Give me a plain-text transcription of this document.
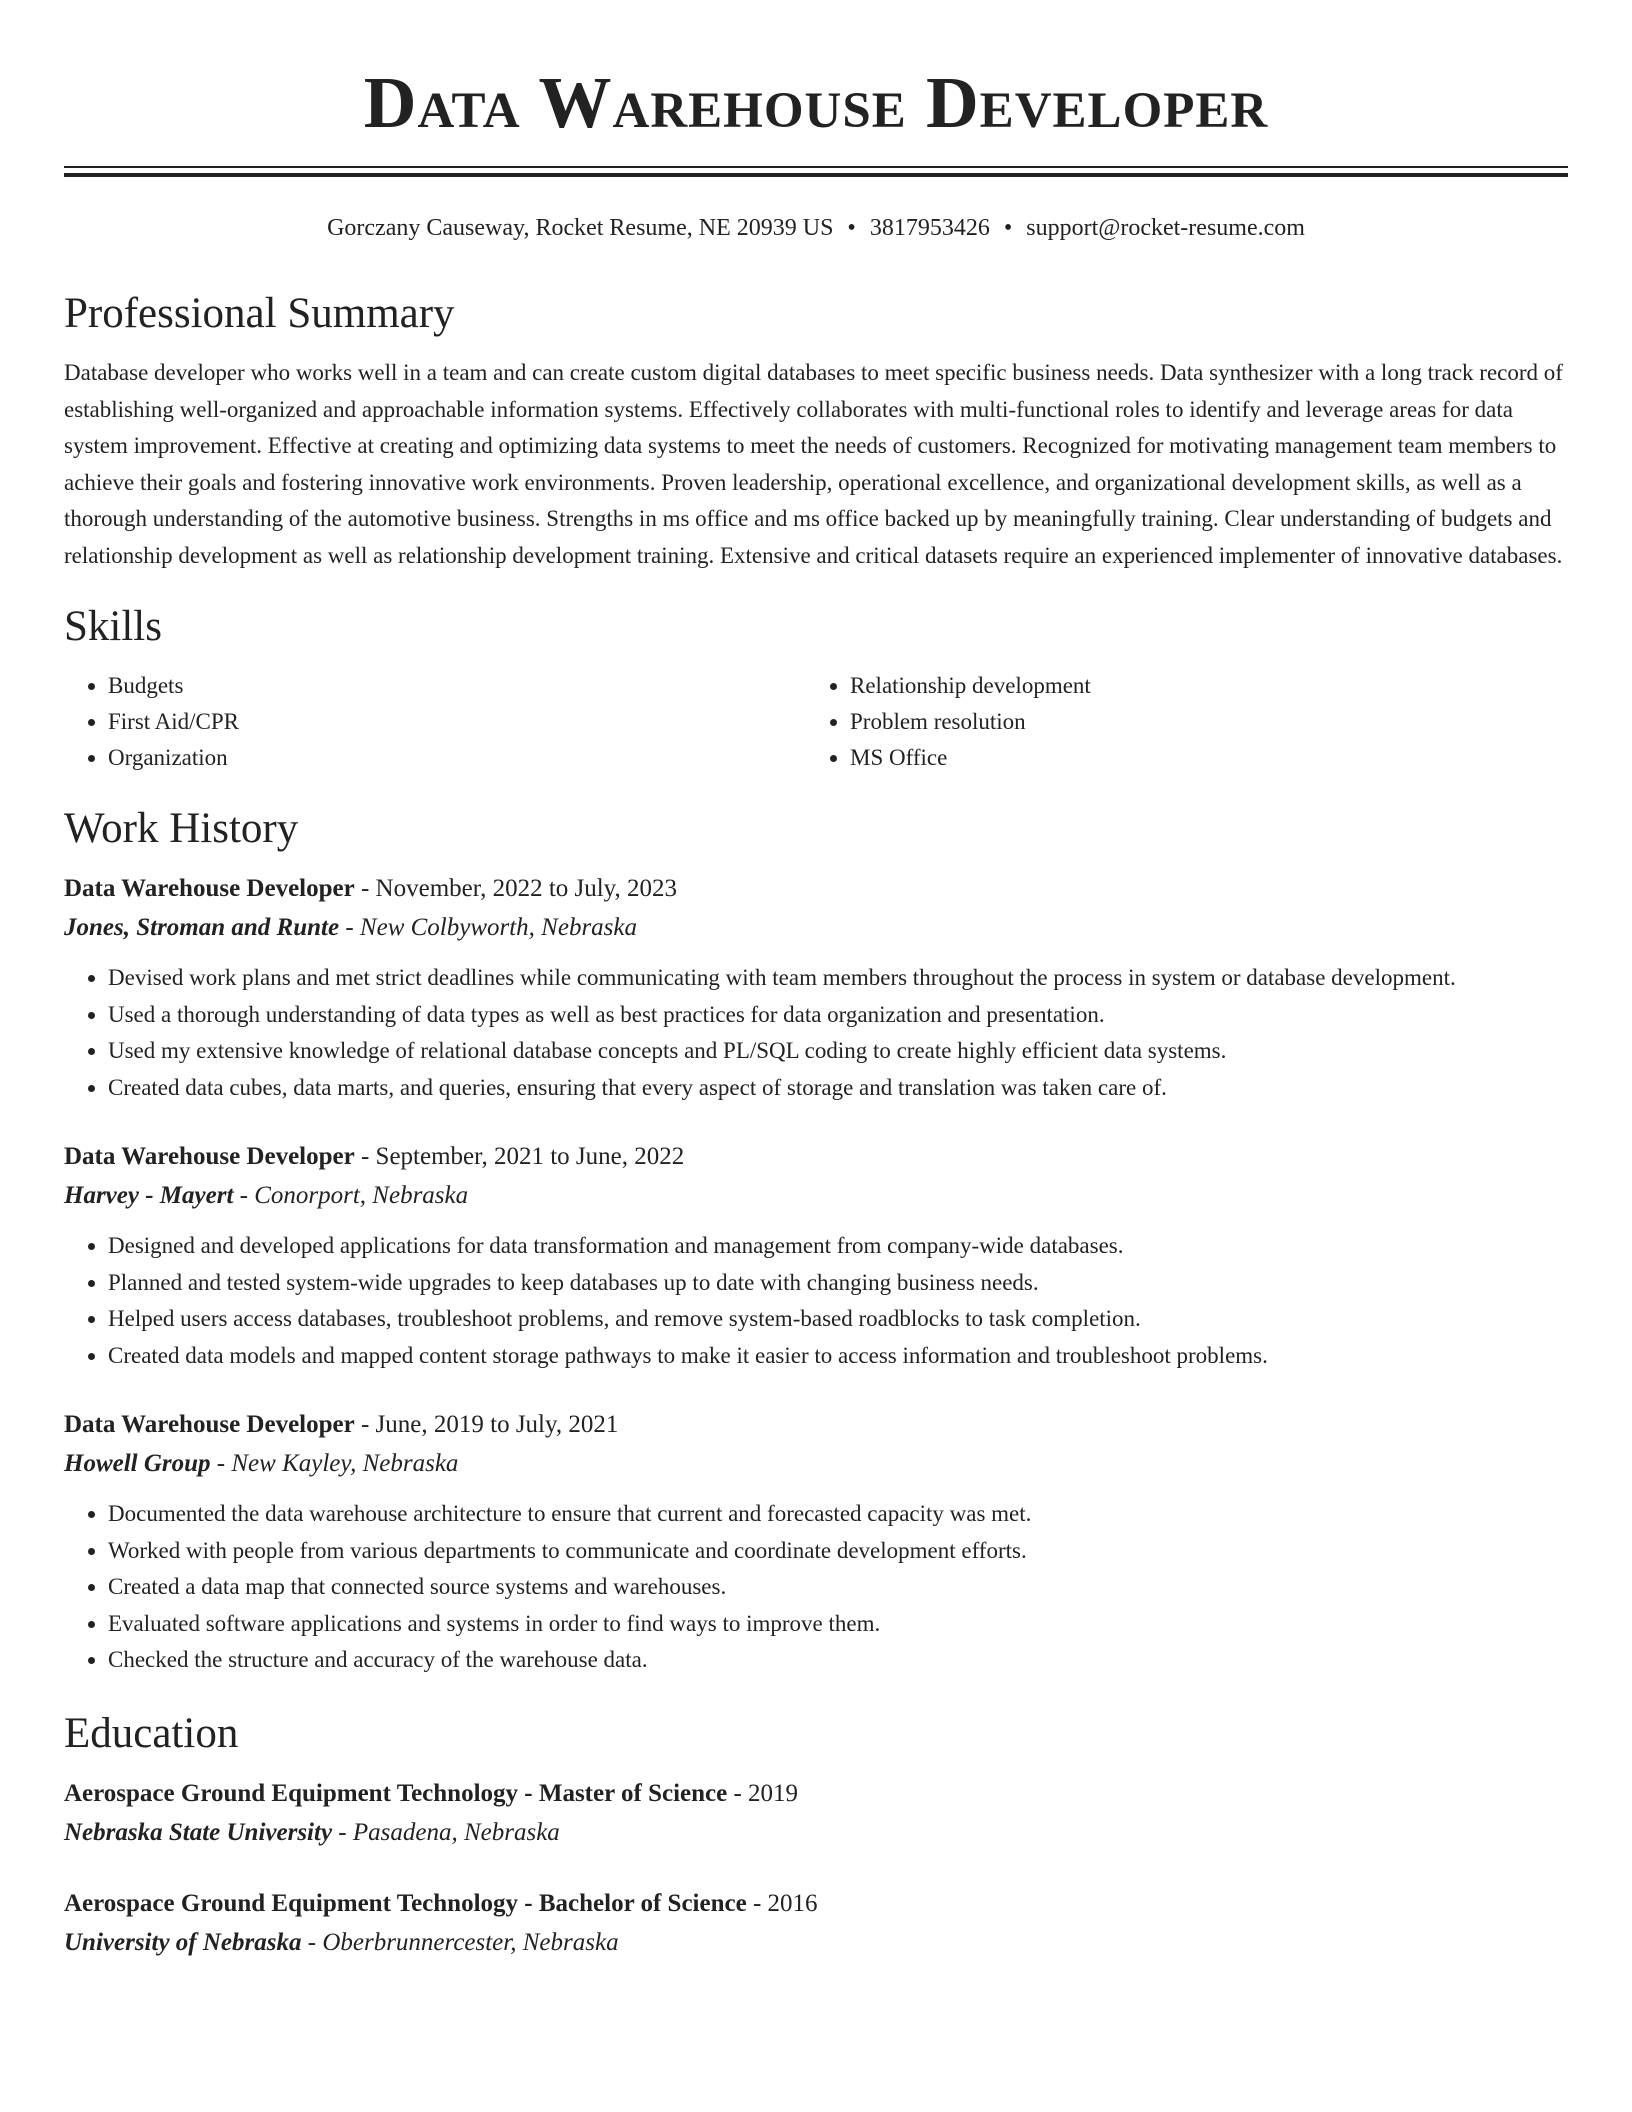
Data Warehouse Developer
Gorczany Causeway, Rocket Resume, NE 20939 US • 3817953426 • support@rocket-resume.com
Professional Summary

Database developer who works well in a team and can create custom digital databases to meet specific business needs. Data synthesizer with a long track record of establishing well-organized and approachable information systems. Effectively collaborates with multi-functional roles to identify and leverage areas for data system improvement. Effective at creating and optimizing data systems to meet the needs of customers. Recognized for motivating management team members to achieve their goals and fostering innovative work environments. Proven leadership, operational excellence, and organizational development skills, as well as a thorough understanding of the automotive business. Strengths in ms office and ms office backed up by meaningfully training. Clear understanding of budgets and relationship development as well as relationship development training. Extensive and critical datasets require an experienced implementer of innovative databases.

Skills
• Budgets
• First Aid/CPR
• Organization
• Relationship development
• Problem resolution
• MS Office
Work History
Data Warehouse Developer - November, 2022 to July, 2023
Jones, Stroman and Runte - New Colbyworth, Nebraska
• Devised work plans and met strict deadlines while communicating with team members throughout the process in system or database development.
• Used a thorough understanding of data types as well as best practices for data organization and presentation.
• Used my extensive knowledge of relational database concepts and PL/SQL coding to create highly efficient data systems.
• Created data cubes, data marts, and queries, ensuring that every aspect of storage and translation was taken care of.
Data Warehouse Developer - September, 2021 to June, 2022
Harvey - Mayert - Conorport, Nebraska
• Designed and developed applications for data transformation and management from company-wide databases.
• Planned and tested system-wide upgrades to keep databases up to date with changing business needs.
• Helped users access databases, troubleshoot problems, and remove system-based roadblocks to task completion.
• Created data models and mapped content storage pathways to make it easier to access information and troubleshoot problems.
Data Warehouse Developer - June, 2019 to July, 2021
Howell Group - New Kayley, Nebraska
• Documented the data warehouse architecture to ensure that current and forecasted capacity was met.
• Worked with people from various departments to communicate and coordinate development efforts.
• Created a data map that connected source systems and warehouses.
• Evaluated software applications and systems in order to find ways to improve them.
• Checked the structure and accuracy of the warehouse data.
Education
Aerospace Ground Equipment Technology - Master of Science - 2019
Nebraska State University - Pasadena, Nebraska
Aerospace Ground Equipment Technology - Bachelor of Science - 2016
University of Nebraska - Oberbrunnercester, Nebraska
